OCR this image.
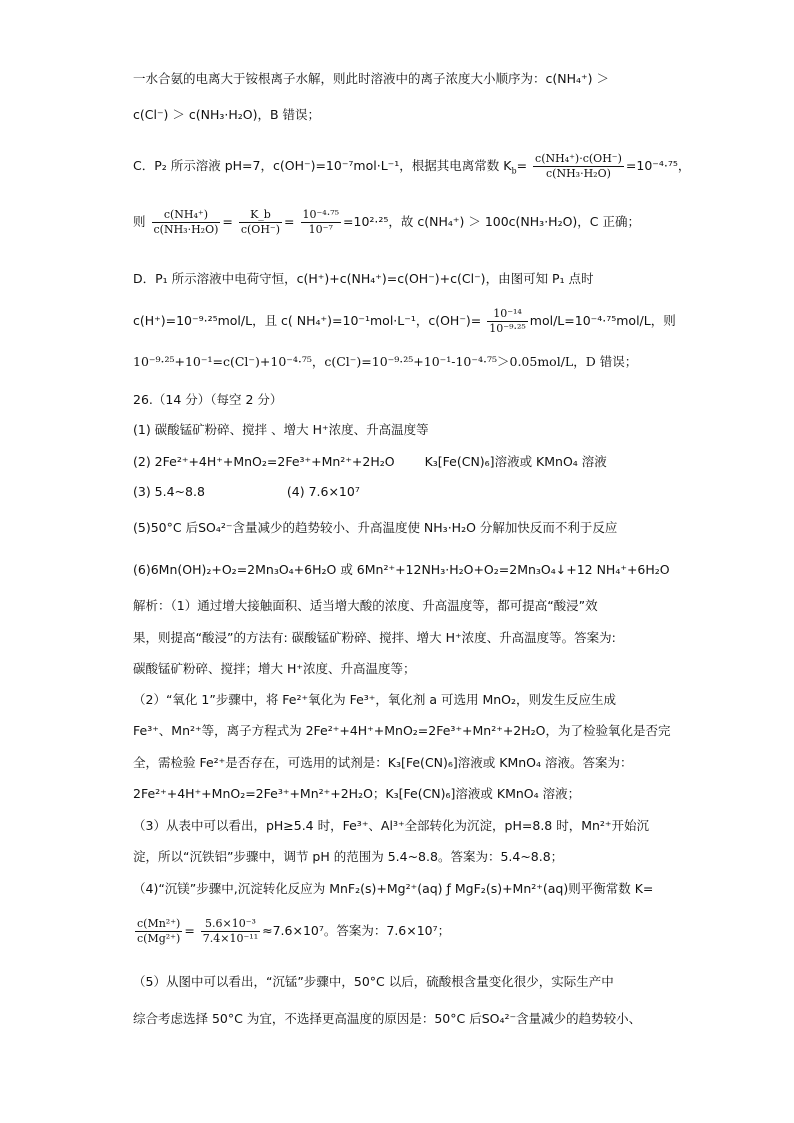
一水合氨的电离大于铵根离子水解，则此时溶液中的离子浓度大小顺序为：c(NH₄⁺) ＞
c(Cl⁻) ＞ c(NH₃·H₂O)，B 错误；
C．P₂ 所示溶液 pH=7，c(OH⁻)=10⁻⁷mol·L⁻¹，根据其电离常数 $K_b= \frac{\text{c(NH₄⁺)·c(OH⁻)}}{\text{c(NH₃·H₂O)}} =10^{-4}\cdot^{75}$，
则 $\frac{\text{c(NH₄⁺)}}{\text{c(NH₃·H₂O)}} = \frac{K\_b}{c(OH^-)} = \frac{\text{10⁻⁴·⁷⁵}}{\text{10⁻⁷}} =10^2\cdot^{25}$，故 c(NH₄⁺) ＞ 100c(NH₃·H₂O)，C 正确；
D．P₁ 所示溶液中电荷守恒，c(H⁺)+c(NH₄⁺)=c(OH⁻)+c(Cl⁻)，由图可知 P₁ 点时
c(H⁺)=10⁻⁹·²⁵mol/L，且 c( NH₄⁺)=10⁻¹mol·L⁻¹，$c(OH^-)= \frac{\text{10⁻¹⁴}}{\text{10⁻⁹·²⁵}} mol/L=10^{-4}\cdot^{75}mol/L$，则
10⁻⁹·²⁵+10⁻¹=c(Cl⁻)+10⁻⁴·⁷⁵，c(Cl⁻)=10⁻⁹·²⁵+10⁻¹-10⁻⁴·⁷⁵＞0.05mol/L，D 错误；
26.（14 分）（每空 2 分）
(1) 碳酸锰矿粉碎、搅拌 、增大 H⁺浓度、升高温度等
(2) 2Fe²⁺+4H⁺+MnO₂=2Fe³⁺+Mn²⁺+2H₂O K₃[Fe(CN)₆]溶液或 KMnO₄ 溶液
(3) 5.4~8.8	(4) 7.6×10⁷
(5)50°C 后SO₄²⁻含量减少的趋势较小、升高温度使 NH₃·H₂O 分解加快反而不利于反应
(6)6Mn(OH)₂+O₂=2Mn₃O₄+6H₂O 或 6Mn²⁺+12NH₃·H₂O+O₂=2Mn₃O₄↓+12 NH₄⁺+6H₂O
解析：（1）通过增大接触面积、适当增大酸的浓度、升高温度等，都可提高“酸浸”效
果，则提高“酸浸”的方法有: 碳酸锰矿粉碎、搅拌、增大 H⁺浓度、升高温度等。答案为:
碳酸锰矿粉碎、搅拌；增大 H⁺浓度、升高温度等；
（2）“氧化 1”步骤中，将 Fe²⁺氧化为 Fe³⁺，氧化剂 a 可选用 MnO₂，则发生反应生成
Fe³⁺、Mn²⁺等，离子方程式为 2Fe²⁺+4H⁺+MnO₂=2Fe³⁺+Mn²⁺+2H₂O，为了检验氧化是否完
全，需检验 Fe²⁺是否存在，可选用的试剂是：K₃[Fe(CN)₆]溶液或 KMnO₄ 溶液。答案为：
2Fe²⁺+4H⁺+MnO₂=2Fe³⁺+Mn²⁺+2H₂O；K₃[Fe(CN)₆]溶液或 KMnO₄ 溶液；
（3）从表中可以看出，pH≥5.4 时，Fe³⁺、Al³⁺全部转化为沉淀，pH=8.8 时，Mn²⁺开始沉
淀，所以“沉铁铝”步骤中，调节 pH 的范围为 5.4~8.8。答案为：5.4~8.8；
（4)“沉镁”步骤中,沉淀转化反应为 MnF₂(s)+Mg²⁺(aq) ƒ MgF₂(s)+Mn²⁺(aq)则平衡常数 K=
$\frac{\text{c(Mn²⁺)}}{\text{c(Mg²⁺)}} = \frac{\text{5.6×10⁻³}}{\text{7.4×10⁻¹¹}} \approx 7.6\times 10^7$。答案为：7.6×10⁷；
（5）从图中可以看出，“沉锰”步骤中，50°C 以后，硫酸根含量变化很少，实际生产中
综合考虑选择 50°C 为宜，不选择更高温度的原因是：50°C 后SO₄²⁻含量减少的趋势较小、
